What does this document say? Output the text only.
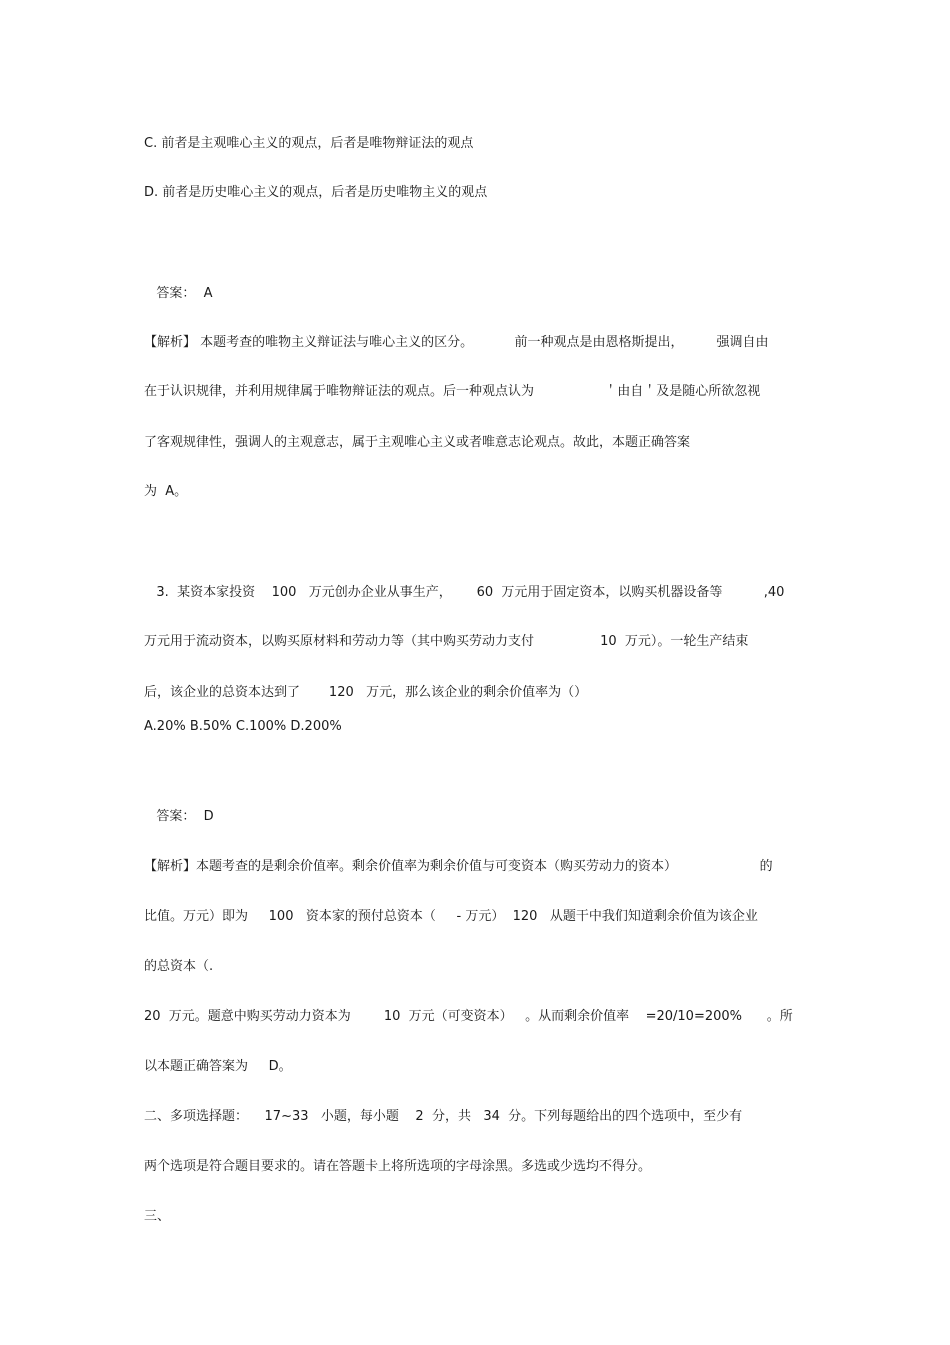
C. 前者是主观唯心主义的观点，后者是唯物辩证法的观点
D. 前者是历史唯心主义的观点，后者是历史唯物主义的观点
答案：  A
【解析】 本题考查的唯物主义辩证法与唯心主义的区分。          前一种观点是由恩格斯提出，        强调自由
在于认识规律，并利用规律属于唯物辩证法的观点。后一种观点认为                 ＇由自＇及是随心所欲忽视
了客观规律性，强调人的主观意志，属于主观唯心主义或者唯意志论观点。故此，本题正确答案
为  A。
3.  某资本家投资    100   万元创办企业从事生产，      60  万元用于固定资本，以购买机器设备等          ,40
万元用于流动资本，以购买原材料和劳动力等（其中购买劳动力支付                10  万元）。一轮生产结束
后，该企业的总资本达到了       120   万元，那么该企业的剩余价值率为（）
A.20% B.50% C.100% D.200%
答案：  D
【解析】本题考查的是剩余价值率。剩余价值率为剩余价值与可变资本（购买劳动力的资本）                    的
比值。万元）即为     100   资本家的预付总资本（     - 万元）  120   从题干中我们知道剩余价值为该企业
的总资本（.
20  万元。题意中购买劳动力资本为        10  万元（可变资本）   。从而剩余价值率    =20/10=200%      。所
以本题正确答案为     D。
二、多项选择题：    17~33   小题，每小题    2  分，共   34  分。下列每题给出的四个选项中，至少有
两个选项是符合题目要求的。请在答题卡上将所选项的字母涂黑。多选或少选均不得分。
三、
